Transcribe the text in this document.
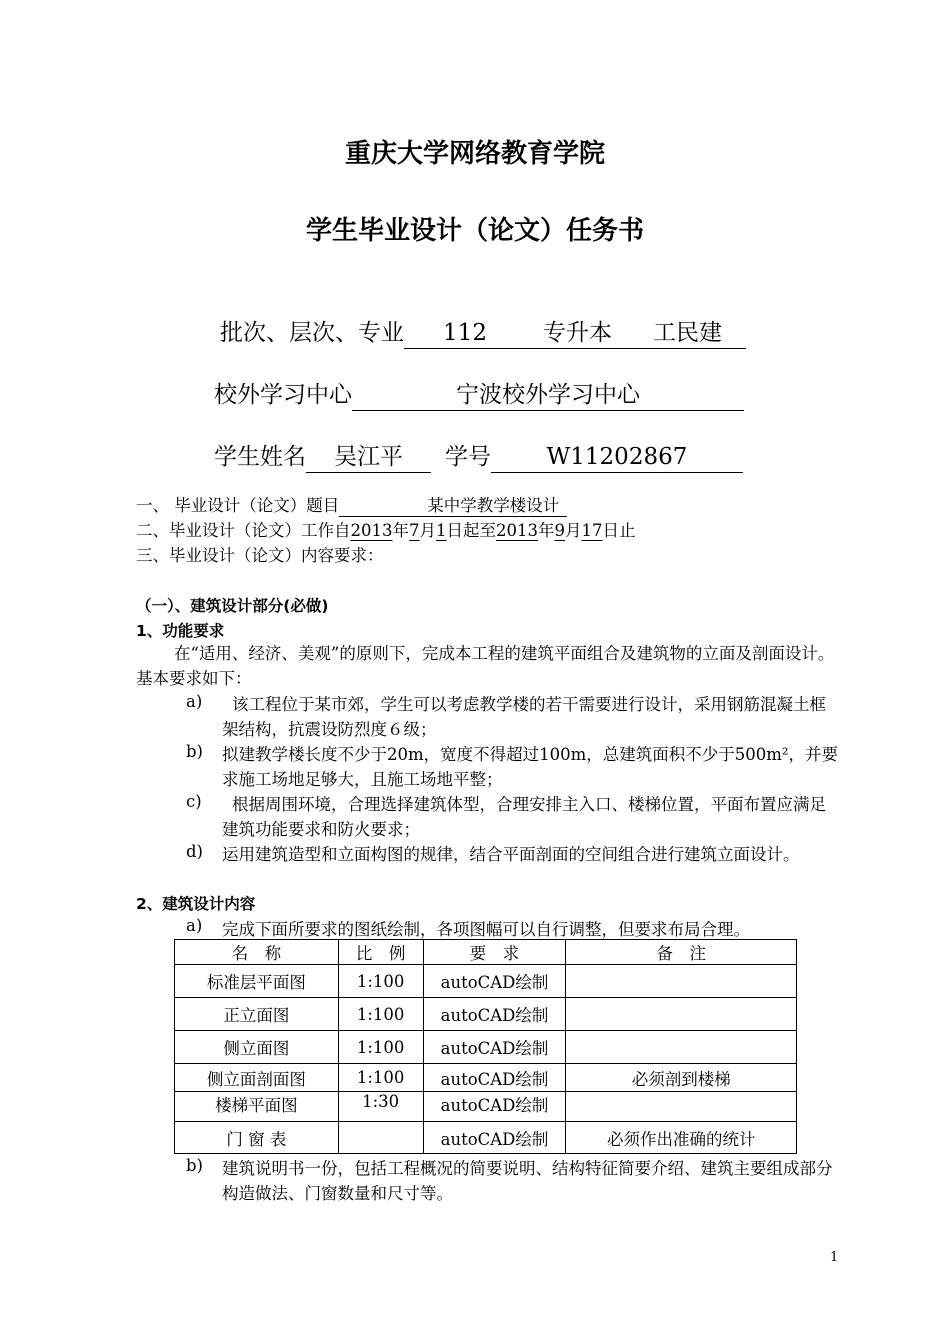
重庆大学网络教育学院
学生毕业设计（论文）任务书
批次、层次、专业 112 专升本 工民建
校外学习中心	宁波校外学习中心
学生姓名 吴江平 学号 W11202867
一、 毕业设计（论文）题目	某中学教学楼设计
二、毕业设计（论文）工作自2013年7月1日起至2013年9月17日止
三、毕业设计（论文）内容要求：
（一）、建筑设计部分(必做)
1、功能要求
在“适用、经济、美观”的原则下，完成本工程的建筑平面组合及建筑物的立面及剖面设计。基本要求如下：
a)	该工程位于某市郊，学生可以考虑教学楼的若干需要进行设计，采用钢筋混凝土框架结构，抗震设防烈度６级；
b) 拟建教学楼长度不少于20m，宽度不得超过100m，总建筑面积不少于500m²，并要求施工场地足够大，且施工场地平整；
c)	根据周围环境，合理选择建筑体型，合理安排主入口、楼梯位置，平面布置应满足建筑功能要求和防火要求；
d) 运用建筑造型和立面构图的规律，结合平面剖面的空间组合进行建筑立面设计。
2、建筑设计内容
a) 完成下面所要求的图纸绘制，各项图幅可以自行调整，但要求布局合理。
名　称	比　例	要　求	备　注
标准层平面图	1:100	autoCAD绘制	
正立面图	1:100	autoCAD绘制	
侧立面图	1:100	autoCAD绘制	
侧立面剖面图	1:100	autoCAD绘制	必须剖到楼梯
楼梯平面图	1:30	autoCAD绘制	
门 窗 表		autoCAD绘制	必须作出准确的统计
b) 建筑说明书一份，包括工程概况的简要说明、结构特征简要介绍、建筑主要组成部分构造做法、门窗数量和尺寸等。
1
